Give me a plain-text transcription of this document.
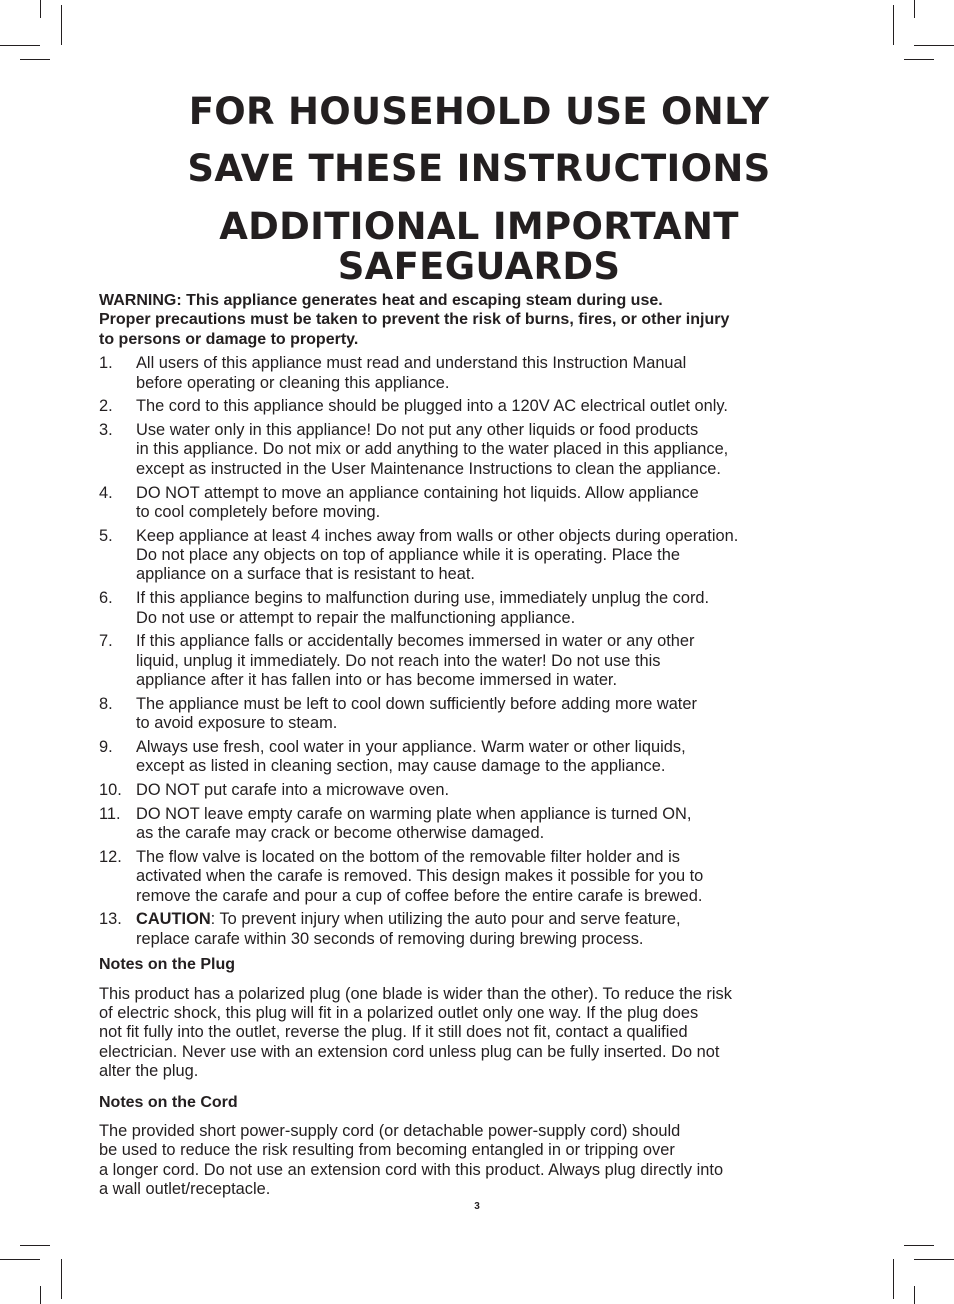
FOR HOUSEHOLD USE ONLY
SAVE THESE INSTRUCTIONS
ADDITIONAL IMPORTANT
SAFEGUARDS
WARNING: This appliance generates heat and escaping steam during use.
Proper precautions must be taken to prevent the risk of burns, fires, or other injury
to persons or damage to property.
1. All users of this appliance must read and understand this Instruction Manual
before operating or cleaning this appliance.
2. The cord to this appliance should be plugged into a 120V AC electrical outlet only.
3. Use water only in this appliance! Do not put any other liquids or food products
in this appliance. Do not mix or add anything to the water placed in this appliance,
except as instructed in the User Maintenance Instructions to clean the appliance.
4. DO NOT attempt to move an appliance containing hot liquids. Allow appliance
to cool completely before moving.
5. Keep appliance at least 4 inches away from walls or other objects during operation.
Do not place any objects on top of appliance while it is operating. Place the
appliance on a surface that is resistant to heat.
6. If this appliance begins to malfunction during use, immediately unplug the cord.
Do not use or attempt to repair the malfunctioning appliance.
7. If this appliance falls or accidentally becomes immersed in water or any other
liquid, unplug it immediately. Do not reach into the water! Do not use this
appliance after it has fallen into or has become immersed in water.
8. The appliance must be left to cool down sufficiently before adding more water
to avoid exposure to steam.
9. Always use fresh, cool water in your appliance. Warm water or other liquids,
except as listed in cleaning section, may cause damage to the appliance.
10. DO NOT put carafe into a microwave oven.
11. DO NOT leave empty carafe on warming plate when appliance is turned ON,
as the carafe may crack or become otherwise damaged.
12. The flow valve is located on the bottom of the removable filter holder and is
activated when the carafe is removed. This design makes it possible for you to
remove the carafe and pour a cup of coffee before the entire carafe is brewed.
13. CAUTION: To prevent injury when utilizing the auto pour and serve feature,
replace carafe within 30 seconds of removing during brewing process.
Notes on the Plug
This product has a polarized plug (one blade is wider than the other). To reduce the risk
of electric shock, this plug will fit in a polarized outlet only one way. If the plug does
not fit fully into the outlet, reverse the plug. If it still does not fit, contact a qualified
electrician. Never use with an extension cord unless plug can be fully inserted. Do not
alter the plug.
Notes on the Cord
The provided short power-supply cord (or detachable power-supply cord) should
be used to reduce the risk resulting from becoming entangled in or tripping over
a longer cord. Do not use an extension cord with this product. Always plug directly into
a wall outlet/receptacle.
3
